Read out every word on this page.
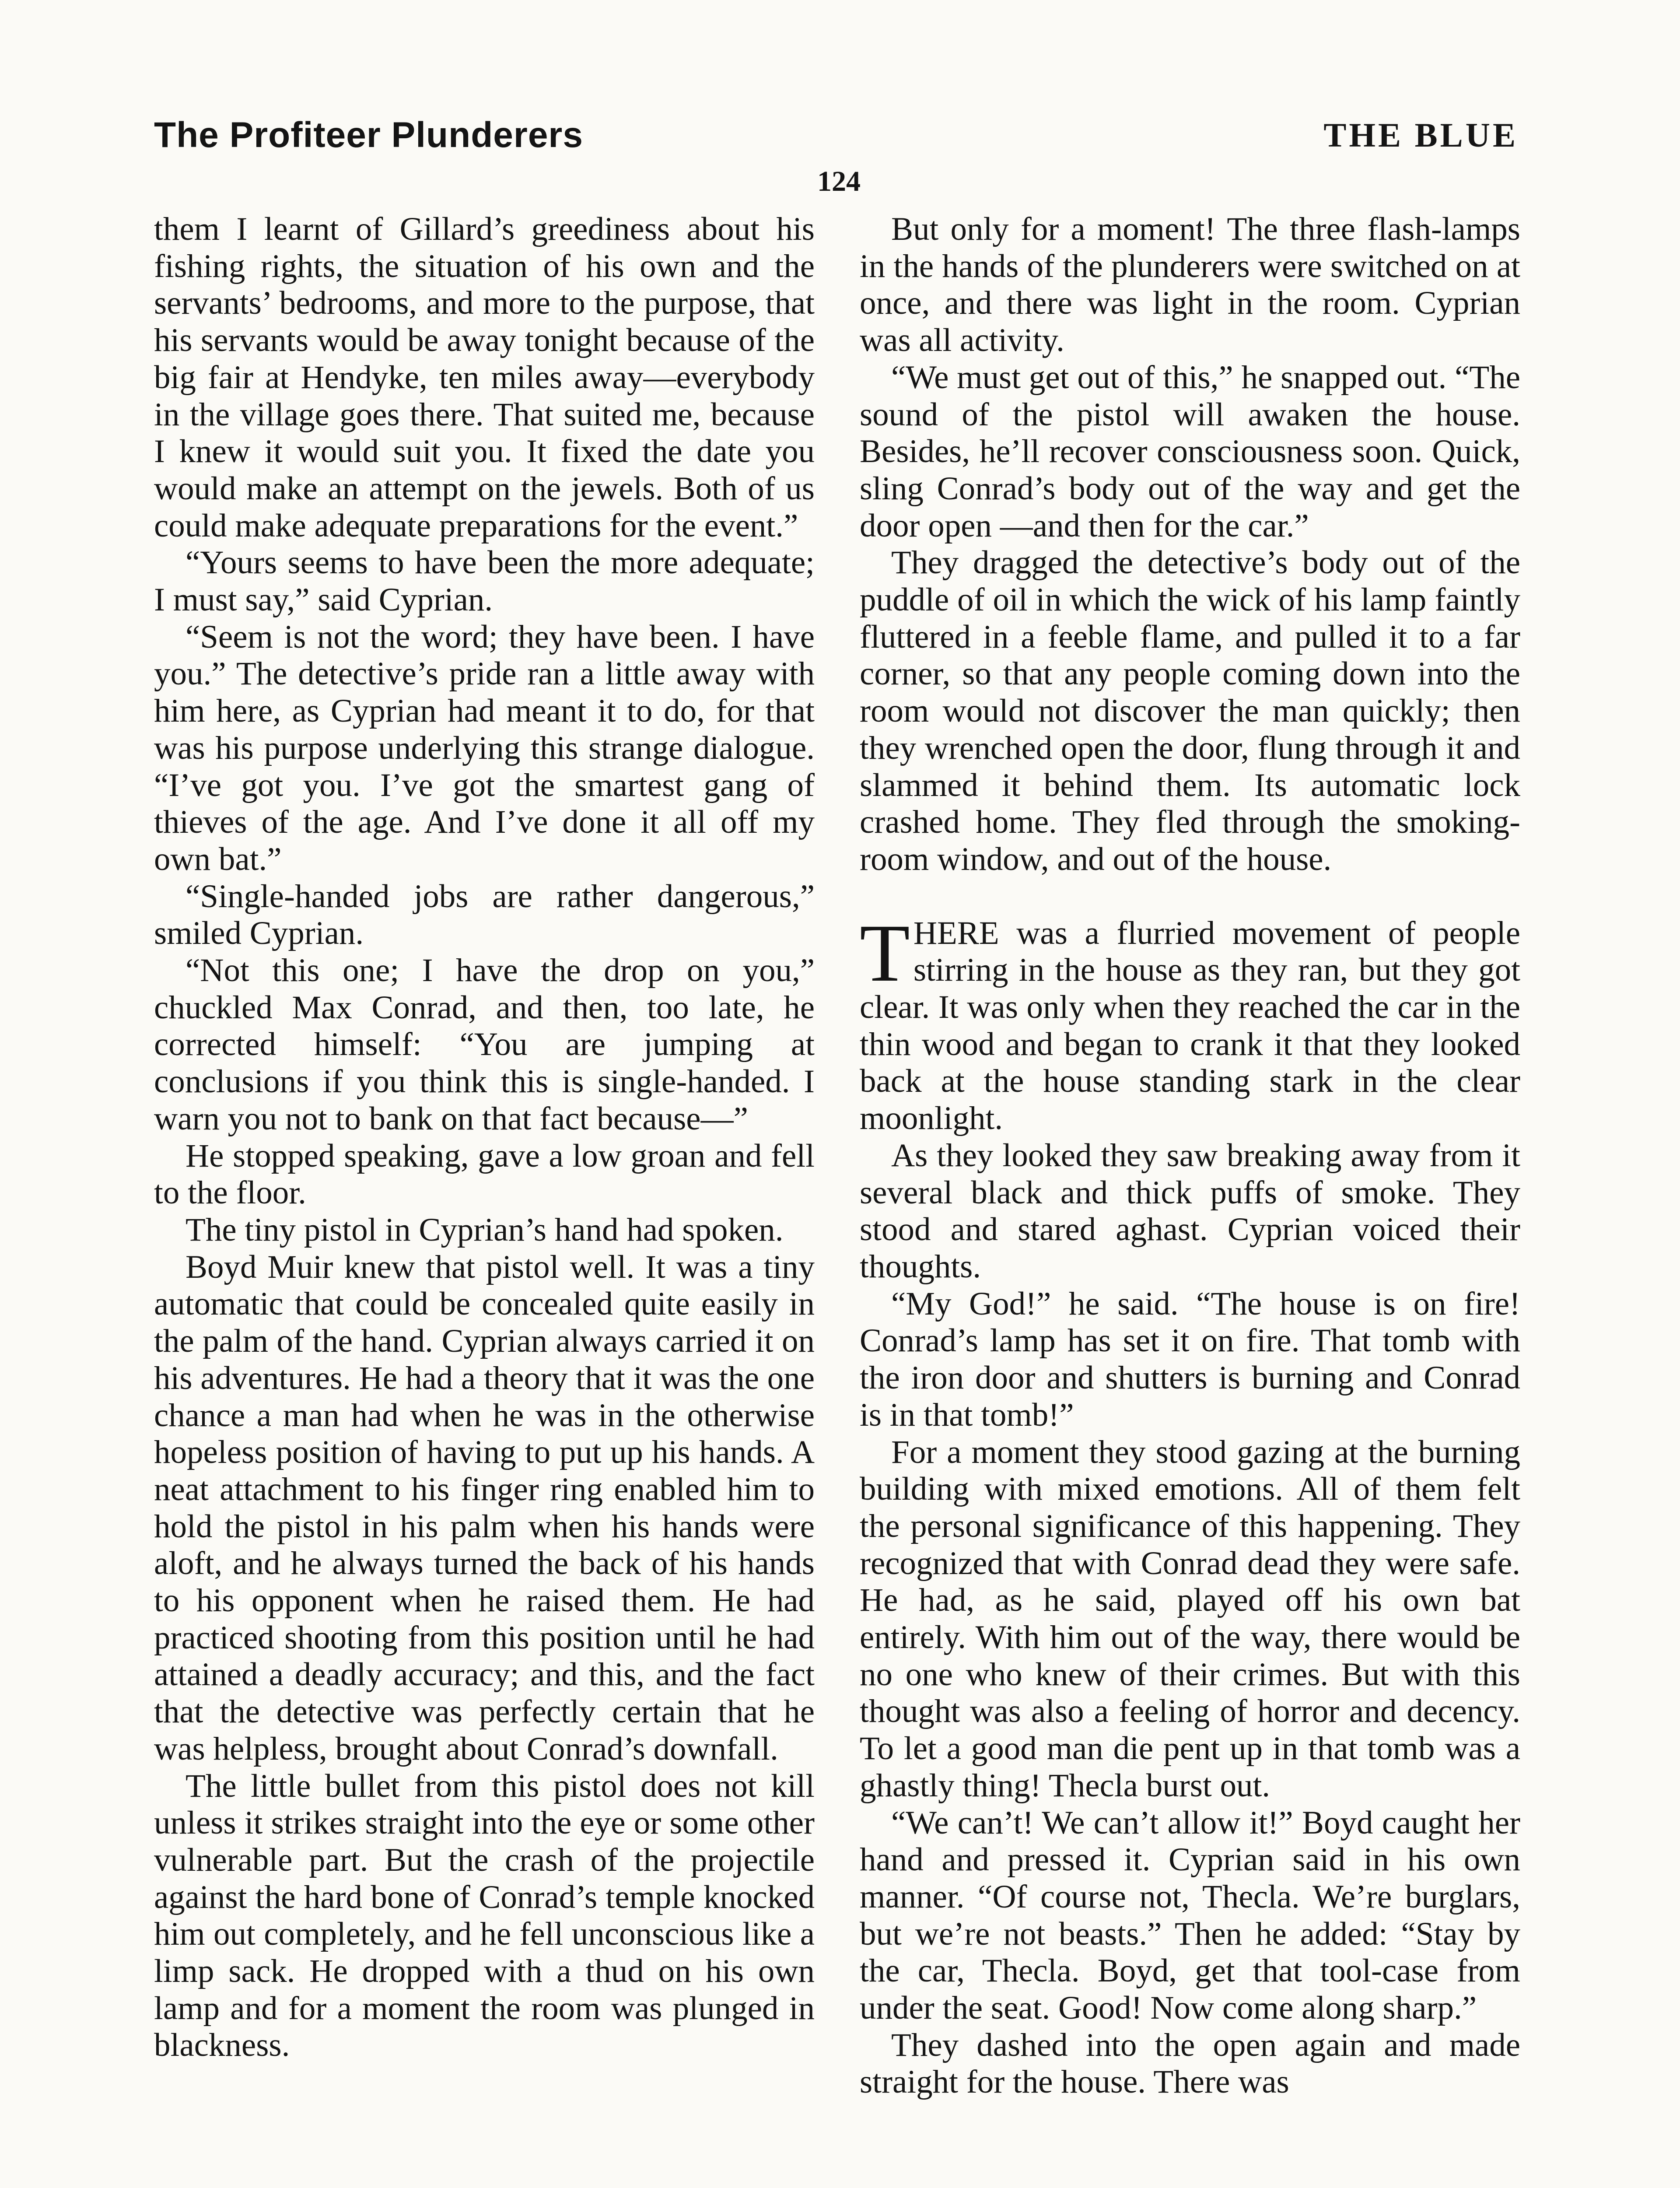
The Profiteer Plunderers	THE BLUE
124

them I learnt of Gillard’s greediness about his fishing rights, the situation of his own and the servants’ bedrooms, and more to the purpose, that his servants would be away tonight because of the big fair at Hendyke, ten miles away—everybody in the village goes there. That suited me, because I knew it would suit you. It fixed the date you would make an attempt on the jewels. Both of us could make adequate preparations for the event.”

“Yours seems to have been the more adequate; I must say,” said Cyprian.

“Seem is not the word; they have been. I have you.” The detective’s pride ran a little away with him here, as Cyprian had meant it to do, for that was his purpose underlying this strange dialogue. “I’ve got you. I’ve got the smartest gang of thieves of the age. And I’ve done it all off my own bat.”

“Single-handed jobs are rather dangerous,” smiled Cyprian.

“Not this one; I have the drop on you,” chuckled Max Conrad, and then, too late, he corrected himself: “You are jumping at conclusions if you think this is single-handed. I warn you not to bank on that fact because—”

He stopped speaking, gave a low groan and fell to the floor.

The tiny pistol in Cyprian’s hand had spoken.

Boyd Muir knew that pistol well. It was a tiny automatic that could be concealed quite easily in the palm of the hand. Cyprian always carried it on his adventures. He had a theory that it was the one chance a man had when he was in the otherwise hopeless position of having to put up his hands. A neat attachment to his finger ring enabled him to hold the pistol in his palm when his hands were aloft, and he always turned the back of his hands to his opponent when he raised them. He had practiced shooting from this position until he had attained a deadly accuracy; and this, and the fact that the detective was perfectly certain that he was helpless, brought about Conrad’s downfall.

The little bullet from this pistol does not kill unless it strikes straight into the eye or some other vulnerable part. But the crash of the projectile against the hard bone of Conrad’s temple knocked him out completely, and he fell unconscious like a limp sack. He dropped with a thud on his own lamp and for a moment the room was plunged in blackness.

But only for a moment! The three flash-lamps in the hands of the plunderers were switched on at once, and there was light in the room. Cyprian was all activity.

“We must get out of this,” he snapped out. “The sound of the pistol will awaken the house. Besides, he’ll recover consciousness soon. Quick, sling Conrad’s body out of the way and get the door open —and then for the car.”

They dragged the detective’s body out of the puddle of oil in which the wick of his lamp faintly fluttered in a feeble flame, and pulled it to a far corner, so that any people coming down into the room would not discover the man quickly; then they wrenched open the door, flung through it and slammed it behind them. Its automatic lock crashed home. They fled through the smoking-room window, and out of the house.

THERE was a flurried movement of people stirring in the house as they ran, but they got clear. It was only when they reached the car in the thin wood and began to crank it that they looked back at the house standing stark in the clear moonlight.

As they looked they saw breaking away from it several black and thick puffs of smoke. They stood and stared aghast. Cyprian voiced their thoughts.

“My God!” he said. “The house is on fire! Conrad’s lamp has set it on fire. That tomb with the iron door and shutters is burning and Conrad is in that tomb!”

For a moment they stood gazing at the burning building with mixed emotions. All of them felt the personal significance of this happening. They recognized that with Conrad dead they were safe. He had, as he said, played off his own bat entirely. With him out of the way, there would be no one who knew of their crimes. But with this thought was also a feeling of horror and decency. To let a good man die pent up in that tomb was a ghastly thing! Thecla burst out.

“We can’t! We can’t allow it!” Boyd caught her hand and pressed it. Cyprian said in his own manner. “Of course not, Thecla. We’re burglars, but we’re not beasts.” Then he added: “Stay by the car, Thecla. Boyd, get that tool-case from under the seat. Good! Now come along sharp.”

They dashed into the open again and made straight for the house. There was
